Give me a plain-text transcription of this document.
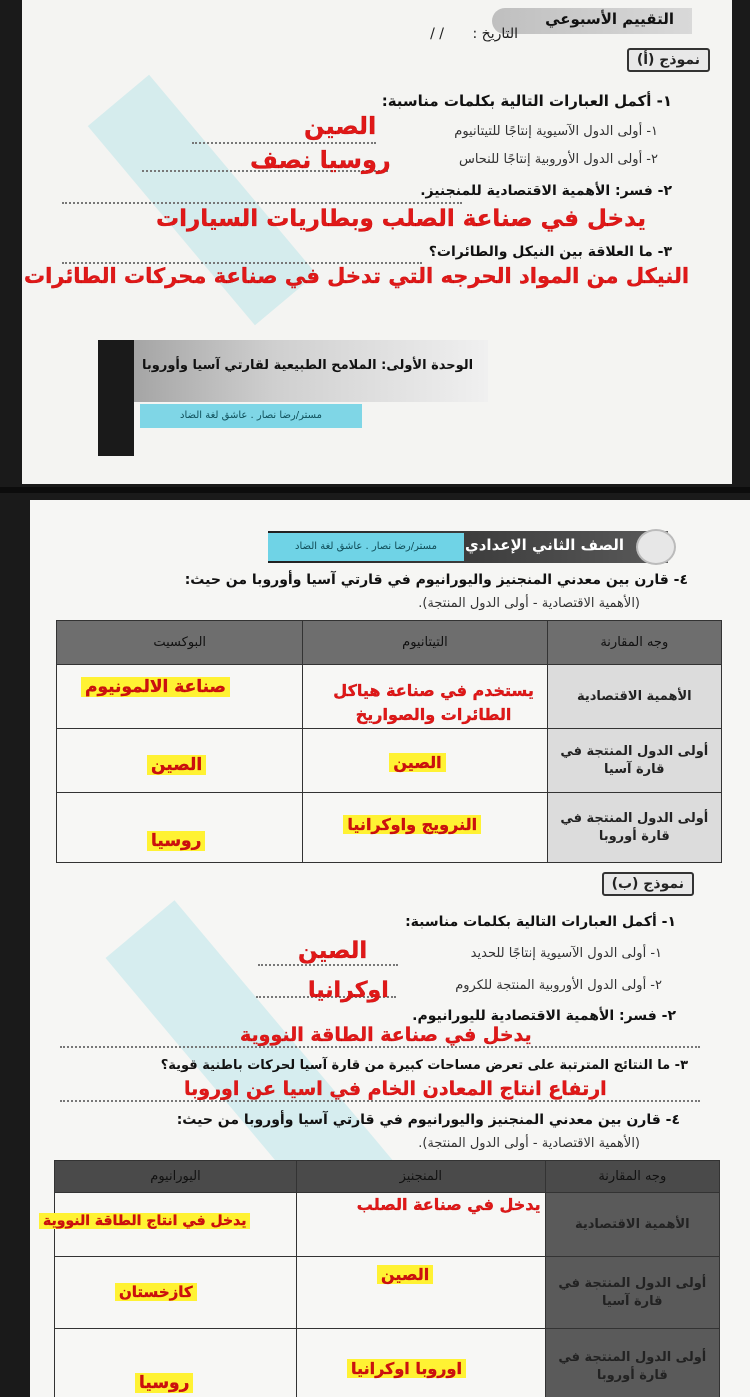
التقييم الأسبوعي
التاريخ :
/ /
نموذج (أ)
١- أكمل العبارات التالية بكلمات مناسبة:
١- أولى الدول الآسيوية إنتاجًا للتيتانيوم
٢- أولى الدول الأوروبية إنتاجًا للنحاس
٢- فسر: الأهمية الاقتصادية للمنجنيز.
٣- ما العلاقة بين النيكل والطائرات؟
الصين
روسيا نصف
يدخل في صناعة الصلب وبطاريات السيارات
النيكل من المواد الحرجه التي تدخل في صناعة محركات الطائرات
الوحدة الأولى: الملامح الطبيعية لقارتي آسيا وأوروبا
مستر/رضا نصار . عاشق لغة الضاد
الصف الثاني الإعدادي
مستر/رضا نصار . عاشق لغة الضاد
٤- قارن بين معدني المنجنيز واليورانيوم في قارتي آسيا وأوروبا من حيث:
(الأهمية الاقتصادية - أولى الدول المنتجة).
وجه المقارنة	التيتانيوم	البوكسيت
الأهمية الاقتصادية	يستخدم في صناعة هياكل الطائرات والصواريخ	صناعة الالمونيوم

أولى الدول المنتجة في قارة آسيا	الصين	الصين

أولى الدول المنتجة في قارة أوروبا	النرويج واوكرانيا	روسيا
نموذج (ب)
١- أكمل العبارات التالية بكلمات مناسبة:
١- أولى الدول الآسيوية إنتاجًا للحديد
٢- أولى الدول الأوروبية المنتجة للكروم
٢- فسر: الأهمية الاقتصادية لليورانيوم.
٣- ما النتائج المترتبة على تعرض مساحات كبيرة من قارة آسيا لحركات باطنية قوية؟
الصين
اوكرانيا
يدخل في صناعة الطاقة النووية
ارتفاع انتاج المعادن الخام في اسيا عن اوروبا
٤- قارن بين معدني المنجنيز واليورانيوم في قارتي آسيا وأوروبا من حيث:
(الأهمية الاقتصادية - أولى الدول المنتجة).
وجه المقارنة	المنجنيز	اليورانيوم
الأهمية الاقتصادية	يدخل في صناعة الصلب	يدخل في انتاج الطاقة النووية

أولى الدول المنتجة في قارة آسيا	الصين	كازخستان

أولى الدول المنتجة في قارة أوروبا	اوروبا اوكرانيا	روسيا
